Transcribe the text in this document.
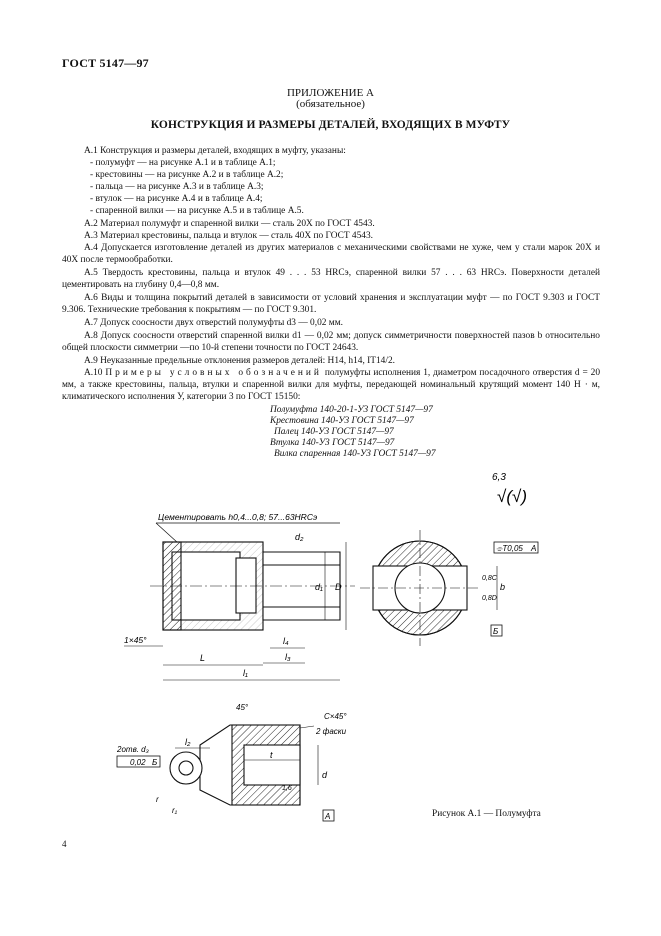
ГОСТ 5147—97
ПРИЛОЖЕНИЕ А
(обязательное)
КОНСТРУКЦИЯ И РАЗМЕРЫ ДЕТАЛЕЙ, ВХОДЯЩИХ В МУФТУ
А.1 Конструкция и размеры деталей, входящих в муфту, указаны:
- полумуфт — на рисунке А.1 и в таблице А.1;
- крестовины — на рисунке А.2 и в таблице А.2;
- пальца — на рисунке А.3 и в таблице А.3;
- втулок — на рисунке А.4 и в таблице А.4;
- спаренной вилки — на рисунке А.5 и в таблице А.5.
А.2 Материал полумуфт и спаренной вилки — сталь 20Х по ГОСТ 4543.
А.3 Материал крестовины, пальца и втулок — сталь 40Х по ГОСТ 4543.
А.4 Допускается изготовление деталей из других материалов с механическими свойствами не хуже, чем у стали марок 20Х и 40Х после термообработки.
А.5 Твердость крестовины, пальца и втулок 49 . . . 53 HRCэ, спаренной вилки 57 . . . 63 HRCэ. Поверхности деталей цементировать на глубину 0,4—0,8 мм.
А.6 Виды и толщина покрытий деталей в зависимости от условий хранения и эксплуатации муфт — по ГОСТ 9.303 и ГОСТ 9.306. Технические требования к покрытиям — по ГОСТ 9.301.
А.7 Допуск соосности двух отверстий полумуфты d3 — 0,02 мм.
А.8 Допуск соосности отверстий спаренной вилки d1 — 0,02 мм; допуск симметричности поверхностей пазов b относительно общей плоскости симметрии —по 10-й степени точности по ГОСТ 24643.
А.9 Неуказанные предельные отклонения размеров деталей: Н14, h14, IT14/2.
А.10 Примеры условных обозначений полумуфты исполнения 1, диаметром посадочного отверстия d = 20 мм, а также крестовины, пальца, втулки и спаренной вилки для муфты, передающей номинальный крутящий момент 140 Н · м, климатического исполнения У, категории 3 по ГОСТ 15150:
Полумуфта 140-20-1-У3 ГОСТ 5147—97
Крестовина 140-У3 ГОСТ 5147—97
Палец 140-У3 ГОСТ 5147—97
Втулка 140-У3 ГОСТ 5147—97
Вилка спаренная 140-У3 ГОСТ 5147—97
6,3
√(√)
Цементировать h0,4...0,8; 57...63HRCэ
d₂
d₁ D
1×45°
L
l₄
l₃
l₁
⌯T0,05 A
0,8C
0,8D
b
Б
45°
C×45°
2 фаски
l₂
2отв. d₃
0,02 Б
r
r₁
t
1,6
d
A	Рисунок А.1 — Полумуфта
4
